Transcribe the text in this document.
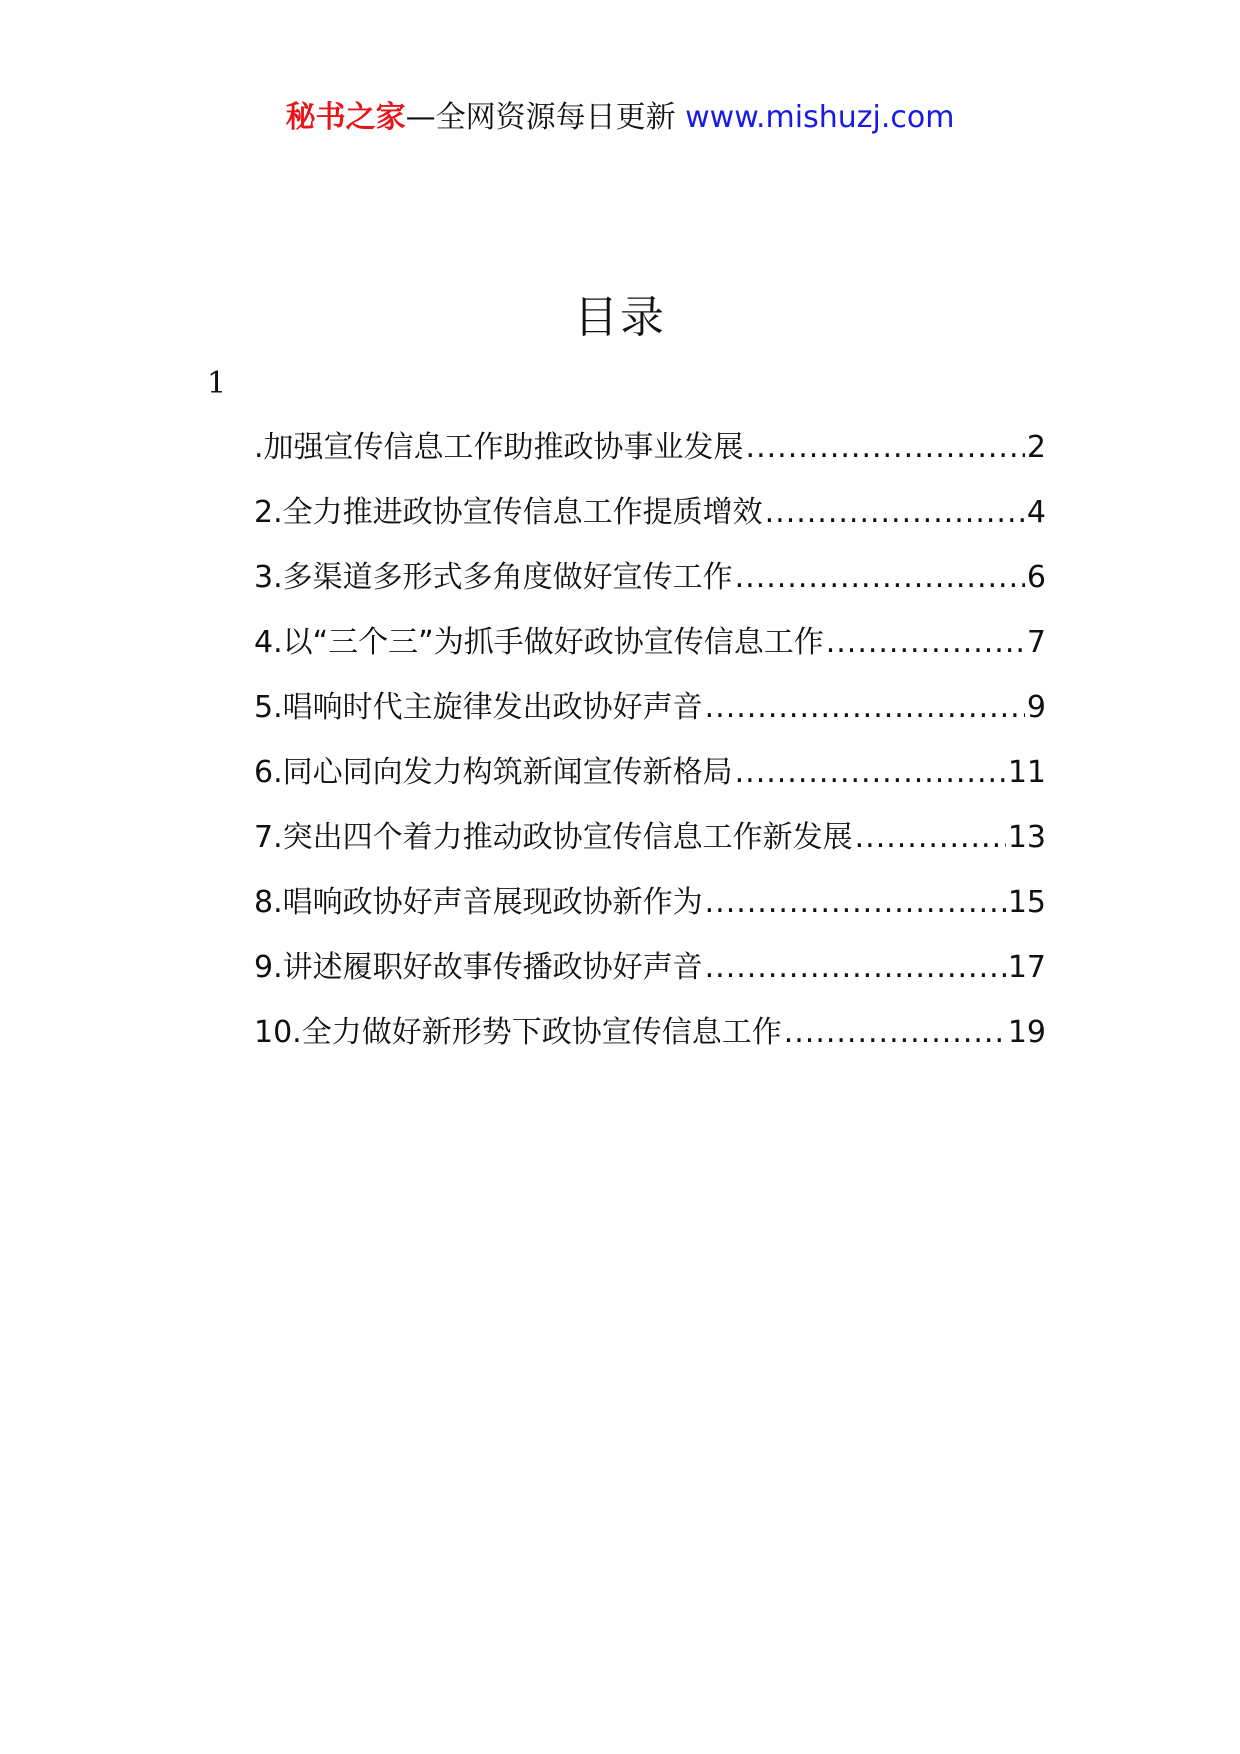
秘书之家—全网资源每日更新 www.mishuzj.com
目录
1
.加强宣传信息工作助推政协事业发展 .....	2
2.全力推进政协宣传信息工作提质增效 .....	4
3.多渠道多形式多角度做好宣传工作 .....	6
4.以“三个三”为抓手做好政协宣传信息工作 .....	7
5.唱响时代主旋律发出政协好声音 .....	9
6.同心同向发力构筑新闻宣传新格局 .....	11
7.突出四个着力推动政协宣传信息工作新发展 .....	13
8.唱响政协好声音展现政协新作为 .....	15
9.讲述履职好故事传播政协好声音 .....	17
10.全力做好新形势下政协宣传信息工作 .....	19
